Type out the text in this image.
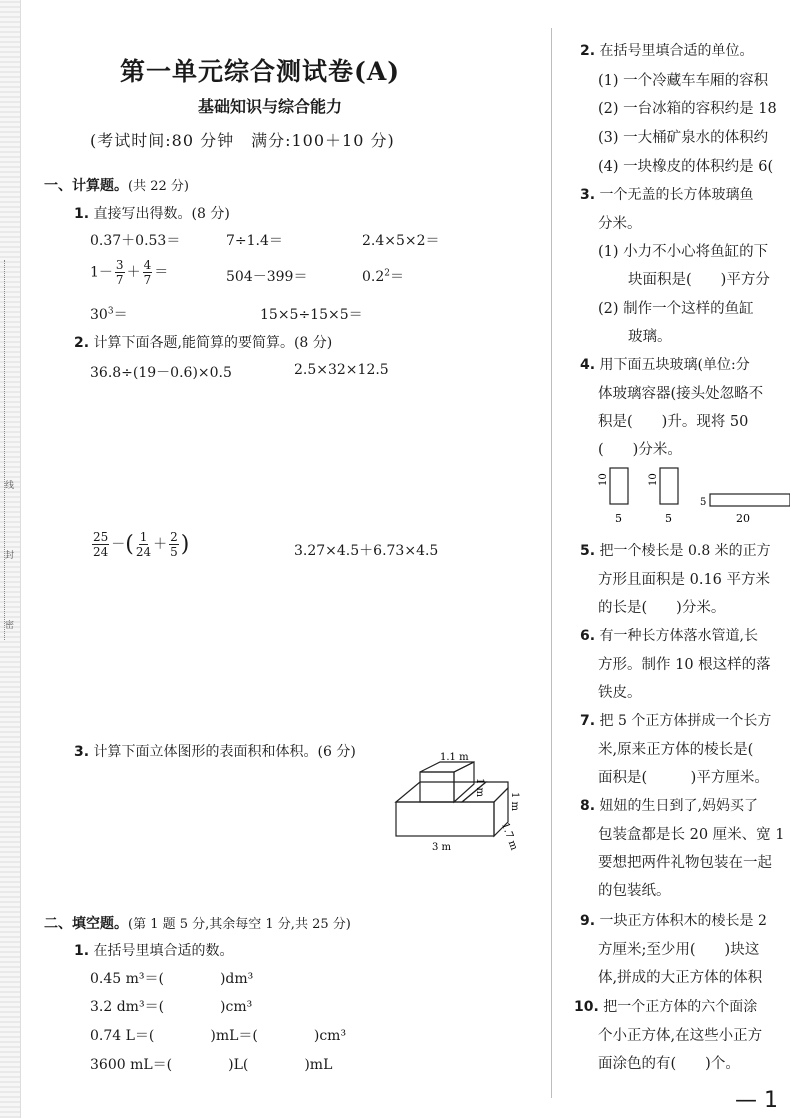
线
封
密
第一单元综合测试卷(A)
基础知识与综合能力
(考试时间:80 分钟　满分:100＋10 分)
一、计算题。(共 22 分)
1. 直接写出得数。(8 分)
0.37＋0.53＝	7÷1.4＝	2.4×5×2＝
$1- \frac{3}{7} + \frac{4}{7}$ ＝	504－399＝	$0.2^2=$
$30^3=$	15×5÷15×5＝
2. 计算下面各题,能简算的要简算。(8 分)
36.8÷(19－0.6)×0.5	2.5×32×12.5
$\frac{25}{24}$ －( $\frac{1}{24} + \frac{2}{5}$ )	3.27×4.5＋6.73×4.5
3. 计算下面立体图形的表面积和体积。(6 分)	1.1 m
1 m
1 m
1.7 m
3 m
二、填空题。(第 1 题 5 分,其余每空 1 分,共 25 分)
1. 在括号里填合适的数。
0.45 m³＝(　　　　)dm³
3.2 dm³＝(　　　　)cm³
0.74 L＝(　　　　)mL＝(　　　　)cm³
3600 mL＝(　　　　)L(　　　　)mL
2. 在括号里填合适的单位。
(1) 一个冷藏车车厢的容积
(2) 一台冰箱的容积约是 18
(3) 一大桶矿泉水的体积约
(4) 一块橡皮的体积约是 6(
3. 一个无盖的长方体玻璃鱼
分米。
(1) 小力不小心将鱼缸的下
块面积是(　　)平方分
(2) 制作一个这样的鱼缸
玻璃。
4. 用下面五块玻璃(单位:分
体玻璃容器(接头处忽略不
积是(　　)升。现将 50
(　　)分米。
10
5
10
5
5
20
5. 把一个棱长是 0.8 米的正方
方形且面积是 0.16 平方米
的长是(　　)分米。
6. 有一种长方体落水管道,长
方形。制作 10 根这样的落
铁皮。
7. 把 5 个正方体拼成一个长方
米,原来正方体的棱长是(
面积是(　　　)平方厘米。
8. 妞妞的生日到了,妈妈买了
包装盒都是长 20 厘米、宽 1
要想把两件礼物包装在一起
的包装纸。
9. 一块正方体积木的棱长是 2
方厘米;至少用(　　)块这
体,拼成的大正方体的体积
10. 把一个正方体的六个面涂
个小正方体,在这些小正方
面涂色的有(　　)个。
— 1
